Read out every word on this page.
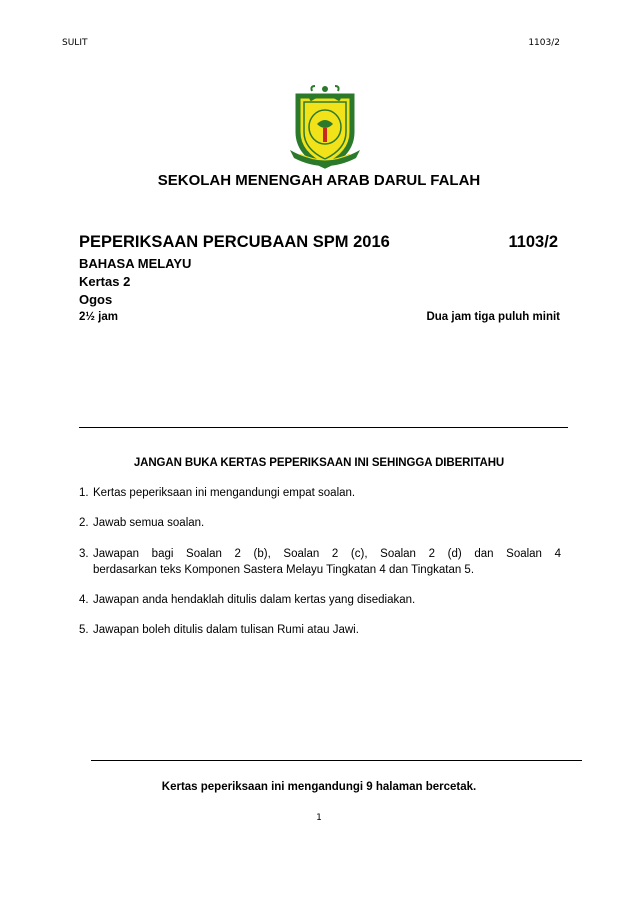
SULIT	1103/2
SEKOLAH MENENGAH ARAB DARUL FALAH
PEPERIKSAAN PERCUBAAN SPM 2016	1103/2
BAHASA MELAYU
Kertas 2
Ogos
2½ jam	Dua jam tiga puluh minit
JANGAN BUKA KERTAS PEPERIKSAAN INI SEHINGGA DIBERITAHU
1. Kertas peperiksaan ini mengandungi empat soalan.
2. Jawab semua soalan.
3. Jawapan bagi Soalan 2 (b), Soalan 2 (c), Soalan 2 (d) dan Soalan 4
berdasarkan teks Komponen Sastera Melayu Tingkatan 4 dan Tingkatan 5.
4. Jawapan anda hendaklah ditulis dalam kertas yang disediakan.
5. Jawapan boleh ditulis dalam tulisan Rumi atau Jawi.
Kertas peperiksaan ini mengandungi 9 halaman bercetak.
1
